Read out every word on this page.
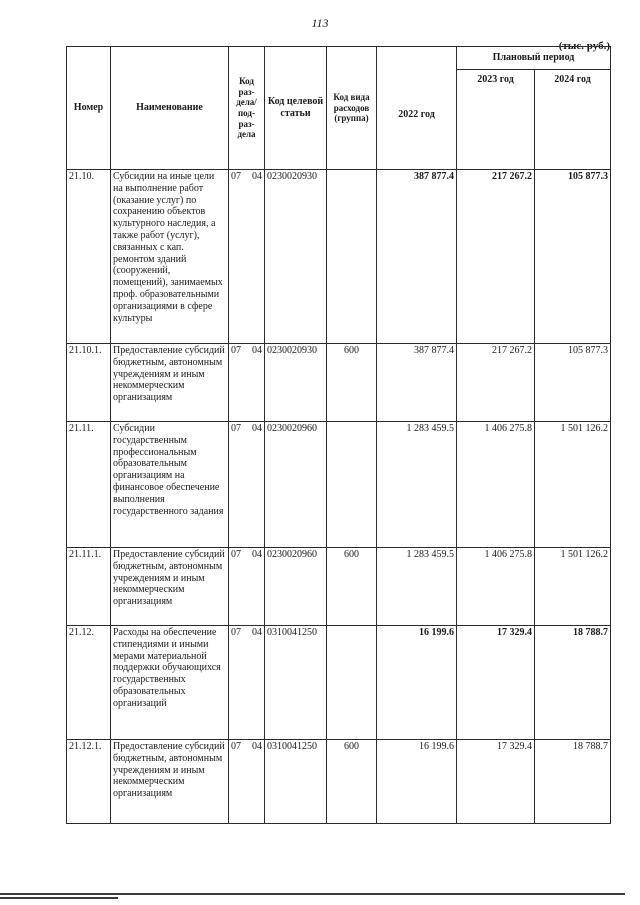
113
(тыс. руб.)
Номер	Наименование	Код раз-дела/ под-раз-дела	Код целевой статьи	Код вида расходов (группа)	2022 год	Плановый период	
						2023 год	2024 год
21.10.	Субсидии на иные цели на выполнение работ (оказание услуг) по сохранению объектов культурного наследия, а также работ (услуг), связанных с кап. ремонтом зданий (сооружений, помещений), занимаемых проф. образовательными организациями в сфере культуры	07 04	0230020930		387 877.4	217 267.2	105 877.3
21.10.1.	Предоставление субсидий бюджетным, автономным учреждениям и иным некоммерческим организациям	07 04	0230020930	600	387 877.4	217 267.2	105 877.3
21.11.	Субсидии государственным профессиональным образовательным организациям на финансовое обеспечение выполнения государственного задания	07 04	0230020960		1 283 459.5	1 406 275.8	1 501 126.2
21.11.1.	Предоставление субсидий бюджетным, автономным учреждениям и иным некоммерческим организациям	07 04	0230020960	600	1 283 459.5	1 406 275.8	1 501 126.2
21.12.	Расходы на обеспечение стипендиями и иными мерами материальной поддержки обучающихся государственных образовательных организаций	07 04	0310041250		16 199.6	17 329.4	18 788.7
21.12.1.	Предоставление субсидий бюджетным, автономным учреждениям и иным некоммерческим организациям	07 04	0310041250	600	16 199.6	17 329.4	18 788.7
